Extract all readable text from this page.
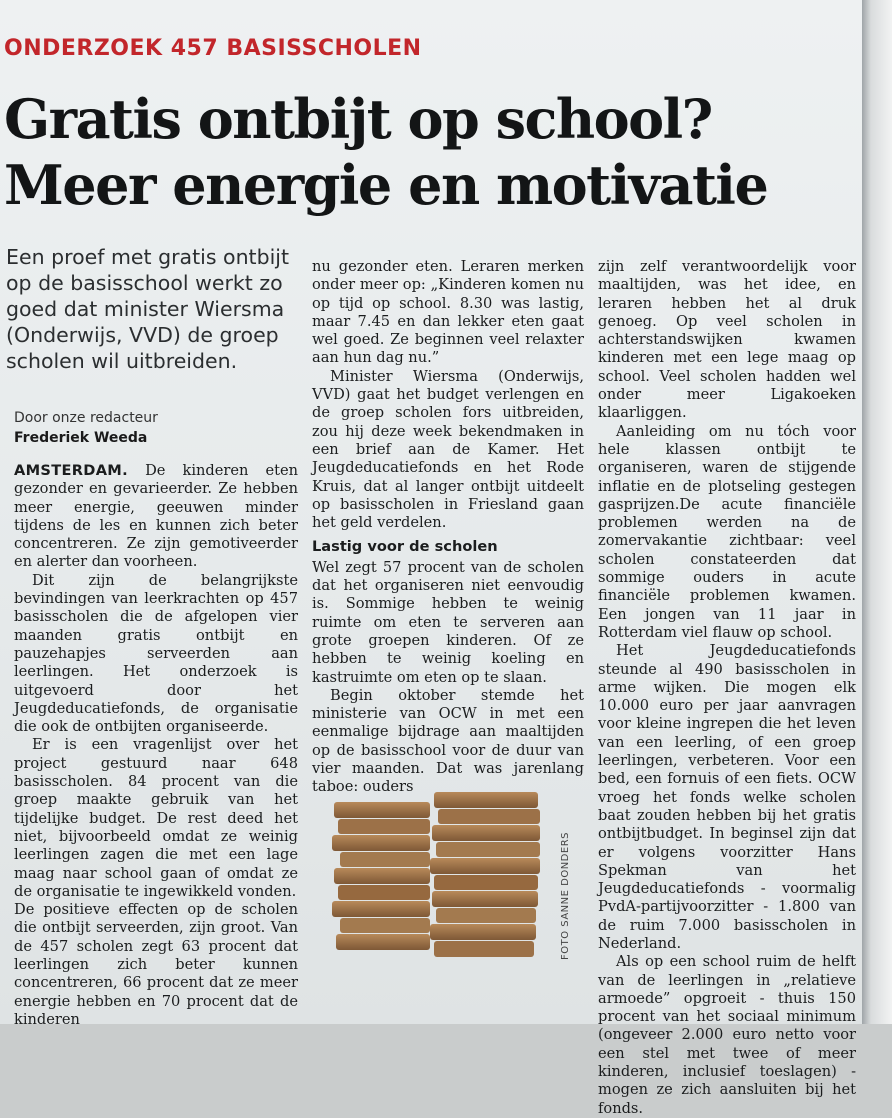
ONDERZOEK 457 BASISSCHOLEN
Gratis ontbijt op school?
Meer energie en motivatie
Een proef met gratis ontbijt
op de basisschool werkt zo
goed dat minister Wiersma
(Onderwijs, VVD) de groep
scholen wil uitbreiden.
Door onze redacteur
Frederiek Weeda

AMSTERDAM. De kinderen eten gezonder en gevarieerder. Ze hebben meer energie, geeuwen minder tijdens de les en kunnen zich beter concentreren. Ze zijn gemotiveerder en alerter dan voorheen.

Dit zijn de belangrijkste bevindingen van leerkrachten op 457 basisscholen die de afgelopen vier maanden gratis ontbijt en pauzehapjes serveerden aan leerlingen. Het onderzoek is uitgevoerd door het Jeugdeducatiefonds, de organisatie die ook de ontbijten organiseerde.

Er is een vragenlijst over het project gestuurd naar 648 basisscholen. 84 procent van die groep maakte gebruik van het tijdelijke budget. De rest deed het niet, bijvoorbeeld omdat ze weinig leerlingen zagen die met een lage maag naar school gaan of omdat ze de organisatie te ingewikkeld vonden.

De positieve effecten op de scholen die ontbijt serveerden, zijn groot. Van de 457 scholen zegt 63 procent dat leerlingen zich beter kunnen concentreren, 66 procent dat ze meer energie hebben en 70 procent dat de kinderen

nu gezonder eten. Leraren merken onder meer op: „Kinderen komen nu op tijd op school. 8.30 was lastig, maar 7.45 en dan lekker eten gaat wel goed. Ze beginnen veel relaxter aan hun dag nu.”

Minister Wiersma (Onderwijs, VVD) gaat het budget verlengen en de groep scholen fors uitbreiden, zou hij deze week bekendmaken in een brief aan de Kamer. Het Jeugdeducatiefonds en het Rode Kruis, dat al langer ontbijt uitdeelt op basisscholen in Friesland gaan het geld verdelen.

Lastig voor de scholen

Wel zegt 57 procent van de scholen dat het organiseren niet eenvoudig is. Sommige hebben te weinig ruimte om eten te serveren aan grote groepen kinderen. Of ze hebben te weinig koeling en kastruimte om eten op te slaan.

Begin oktober stemde het ministerie van OCW in met een eenmalige bijdrage aan maaltijden op de basisschool voor de duur van vier maanden. Dat was jarenlang taboe: ouders

zijn zelf verantwoordelijk voor maaltijden, was het idee, en leraren hebben het al druk genoeg. Op veel scholen in achterstandswijken kwamen kinderen met een lege maag op school. Veel scholen hadden wel onder meer Ligakoeken klaarliggen.

Aanleiding om nu tóch voor hele klassen ontbijt te organiseren, waren de stijgende inflatie en de plotseling gestegen gasprijzen.De acute financiële problemen werden na de zomervakantie zichtbaar: veel scholen constateerden dat sommige ouders in acute financiële problemen kwamen. Een jongen van 11 jaar in Rotterdam viel flauw op school.

Het Jeugdeducatiefonds steunde al 490 basisscholen in arme wijken. Die mogen elk 10.000 euro per jaar aanvragen voor kleine ingrepen die het leven van een leerling, of een groep leerlingen, verbeteren. Voor een bed, een fornuis of een fiets. OCW vroeg het fonds welke scholen baat zouden hebben bij het gratis ontbijtbudget. In beginsel zijn dat er volgens voorzitter Hans Spekman van het Jeugdeducatiefonds - voormalig PvdA-partijvoorzitter - 1.800 van de ruim 7.000 basisscholen in Nederland.

Als op een school ruim de helft van de leerlingen in „relatieve armoede” opgroeit - thuis 150 procent van het sociaal minimum (ongeveer 2.000 euro netto voor een stel met twee of meer kinderen, inclusief toeslagen) - mogen ze zich aansluiten bij het fonds.

FOTO SANNE DONDERS
